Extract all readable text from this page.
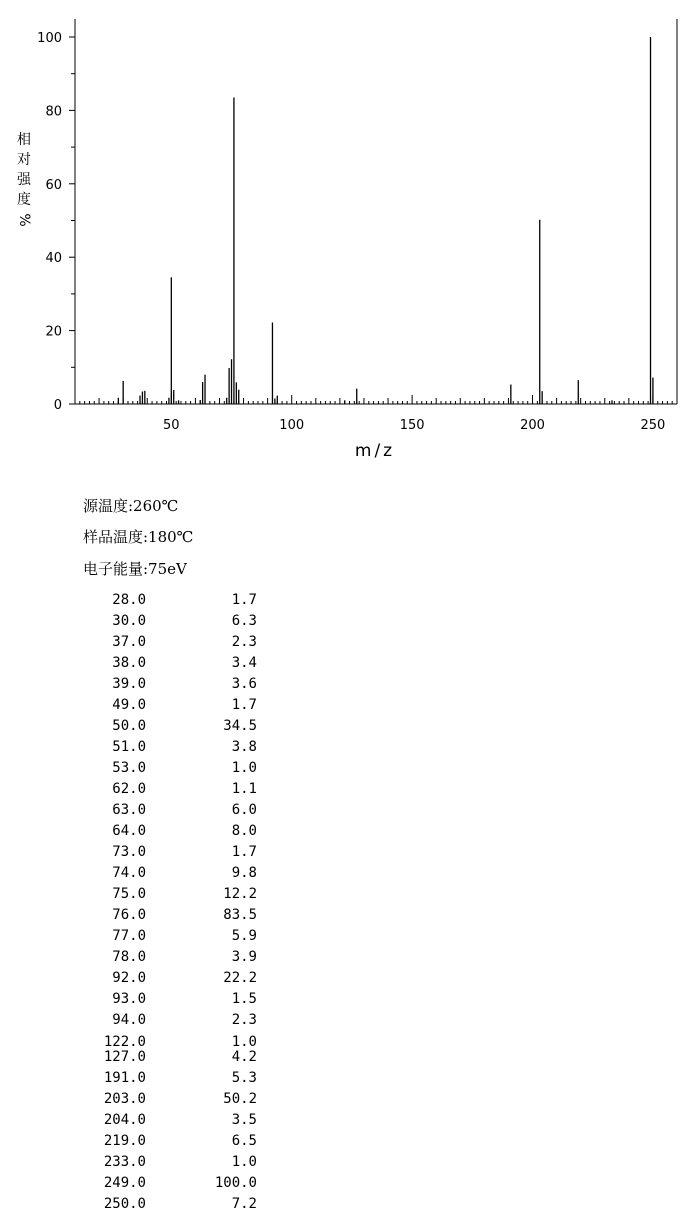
0
20
40
60
80
100
50	100	150	200	250
m/z
相
对
强
度
%
源温度:260℃
样品温度:180℃
电子能量:75eV
28.0	1.7
30.0	6.3
37.0	2.3
38.0	3.4
39.0	3.6
49.0	1.7
50.0	34.5
51.0	3.8
53.0	1.0
62.0	1.1
63.0	6.0
64.0	8.0
73.0	1.7
74.0	9.8
75.0	12.2
76.0	83.5
77.0	5.9
78.0	3.9
92.0	22.2
93.0	1.5
94.0	2.3
122.0	1.0
127.0	4.2
191.0	5.3
203.0	50.2
204.0	3.5
219.0	6.5
233.0	1.0
249.0	100.0
250.0	7.2
